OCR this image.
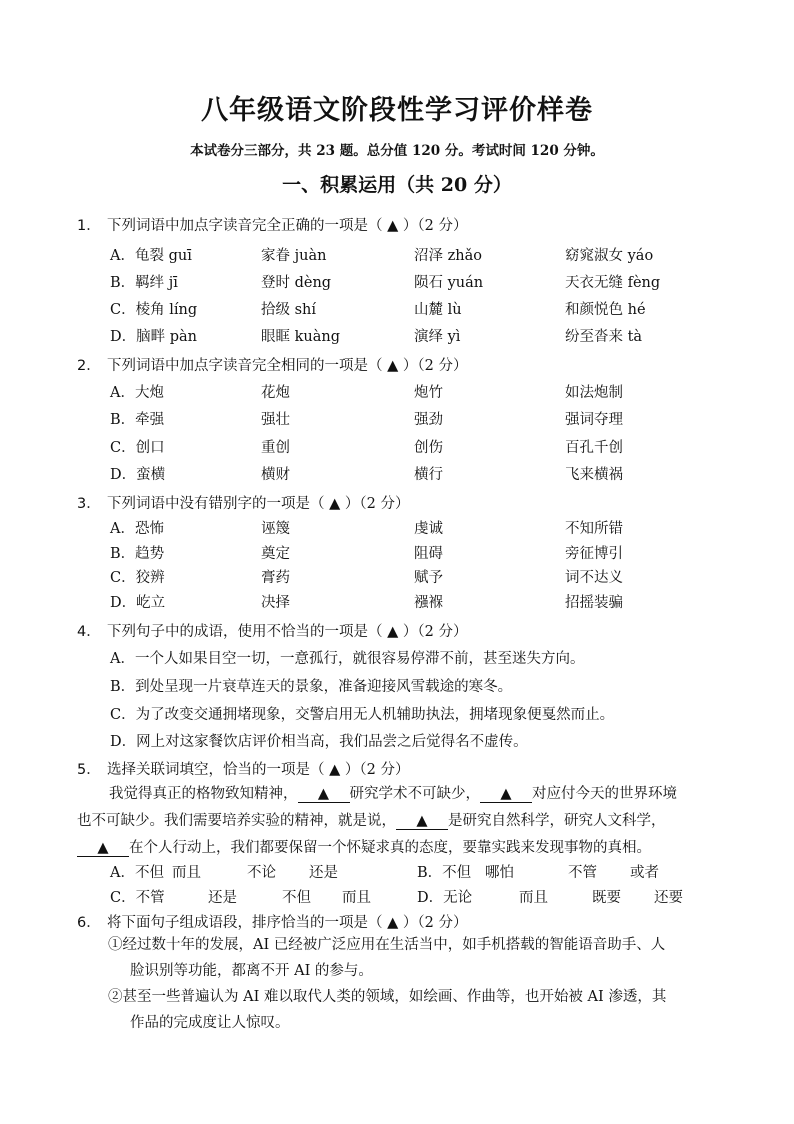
八年级语文阶段性学习评价样卷
本试卷分三部分，共 23 题。总分值 120 分。考试时间 120 分钟。
一、积累运用（共 20 分）
1． 下列词语中加点字读音完全正确的一项是（ ▲ ）（2 分）
A．龟裂 guī	家眷 juàn	沼泽 zhǎo	窈窕淑女 yáo
B．羁绊 jī	登时 dèng	陨石 yuán	天衣无缝 fèng
C．棱角 líng	拾级 shí	山麓 lù	和颜悦色 hé
D．脑畔 pàn	眼眶 kuàng	演绎 yì	纷至沓来 tà
2． 下列词语中加点字读音完全相同的一项是（ ▲ ）（2 分）
A．大炮	花炮	炮竹	如法炮制
B．牵强	强壮	强劲	强词夺理
C．创口	重创	创伤	百孔千创
D．蛮横	横财	横行	飞来横祸
3． 下列词语中没有错别字的一项是（ ▲ ）（2 分）
A．恐怖	诬篾	虔诚	不知所错
B．趋势	奠定	阻碍	旁征博引
C．狡辨	膏药	赋予	词不达义
D．屹立	决择	襁褓	招摇装骗
4． 下列句子中的成语，使用不恰当的一项是（ ▲ ）（2 分）
A．一个人如果目空一切，一意孤行，就很容易停滞不前，甚至迷失方向。
B．到处呈现一片衰草连天的景象，准备迎接风雪载途的寒冬。
C．为了改变交通拥堵现象，交警启用无人机辅助执法，拥堵现象便戛然而止。
D．网上对这家餐饮店评价相当高，我们品尝之后觉得名不虚传。
5． 选择关联词填空，恰当的一项是（ ▲ ）（2 分）
我觉得真正的格物致知精神， ▲ 研究学术不可缺少， ▲ 对应付今天的世界环境
也不可缺少。我们需要培养实验的精神，就是说， ▲ 是研究自然科学，研究人文科学，
▲ 在个人行动上，我们都要保留一个怀疑求真的态度，要靠实践来发现事物的真相。
A．不但 而且	不论 还是	B．不但 哪怕	不管 或者
C．不管	还是	不但 而且	D．无论	而且	既要 还要
6． 将下面句子组成语段，排序恰当的一项是（ ▲ ）（2 分）
①经过数十年的发展，AI 已经被广泛应用在生活当中，如手机搭载的智能语音助手、人
脸识别等功能，都离不开 AI 的参与。
②甚至一些普遍认为 AI 难以取代人类的领域，如绘画、作曲等，也开始被 AI 渗透，其
作品的完成度让人惊叹。
